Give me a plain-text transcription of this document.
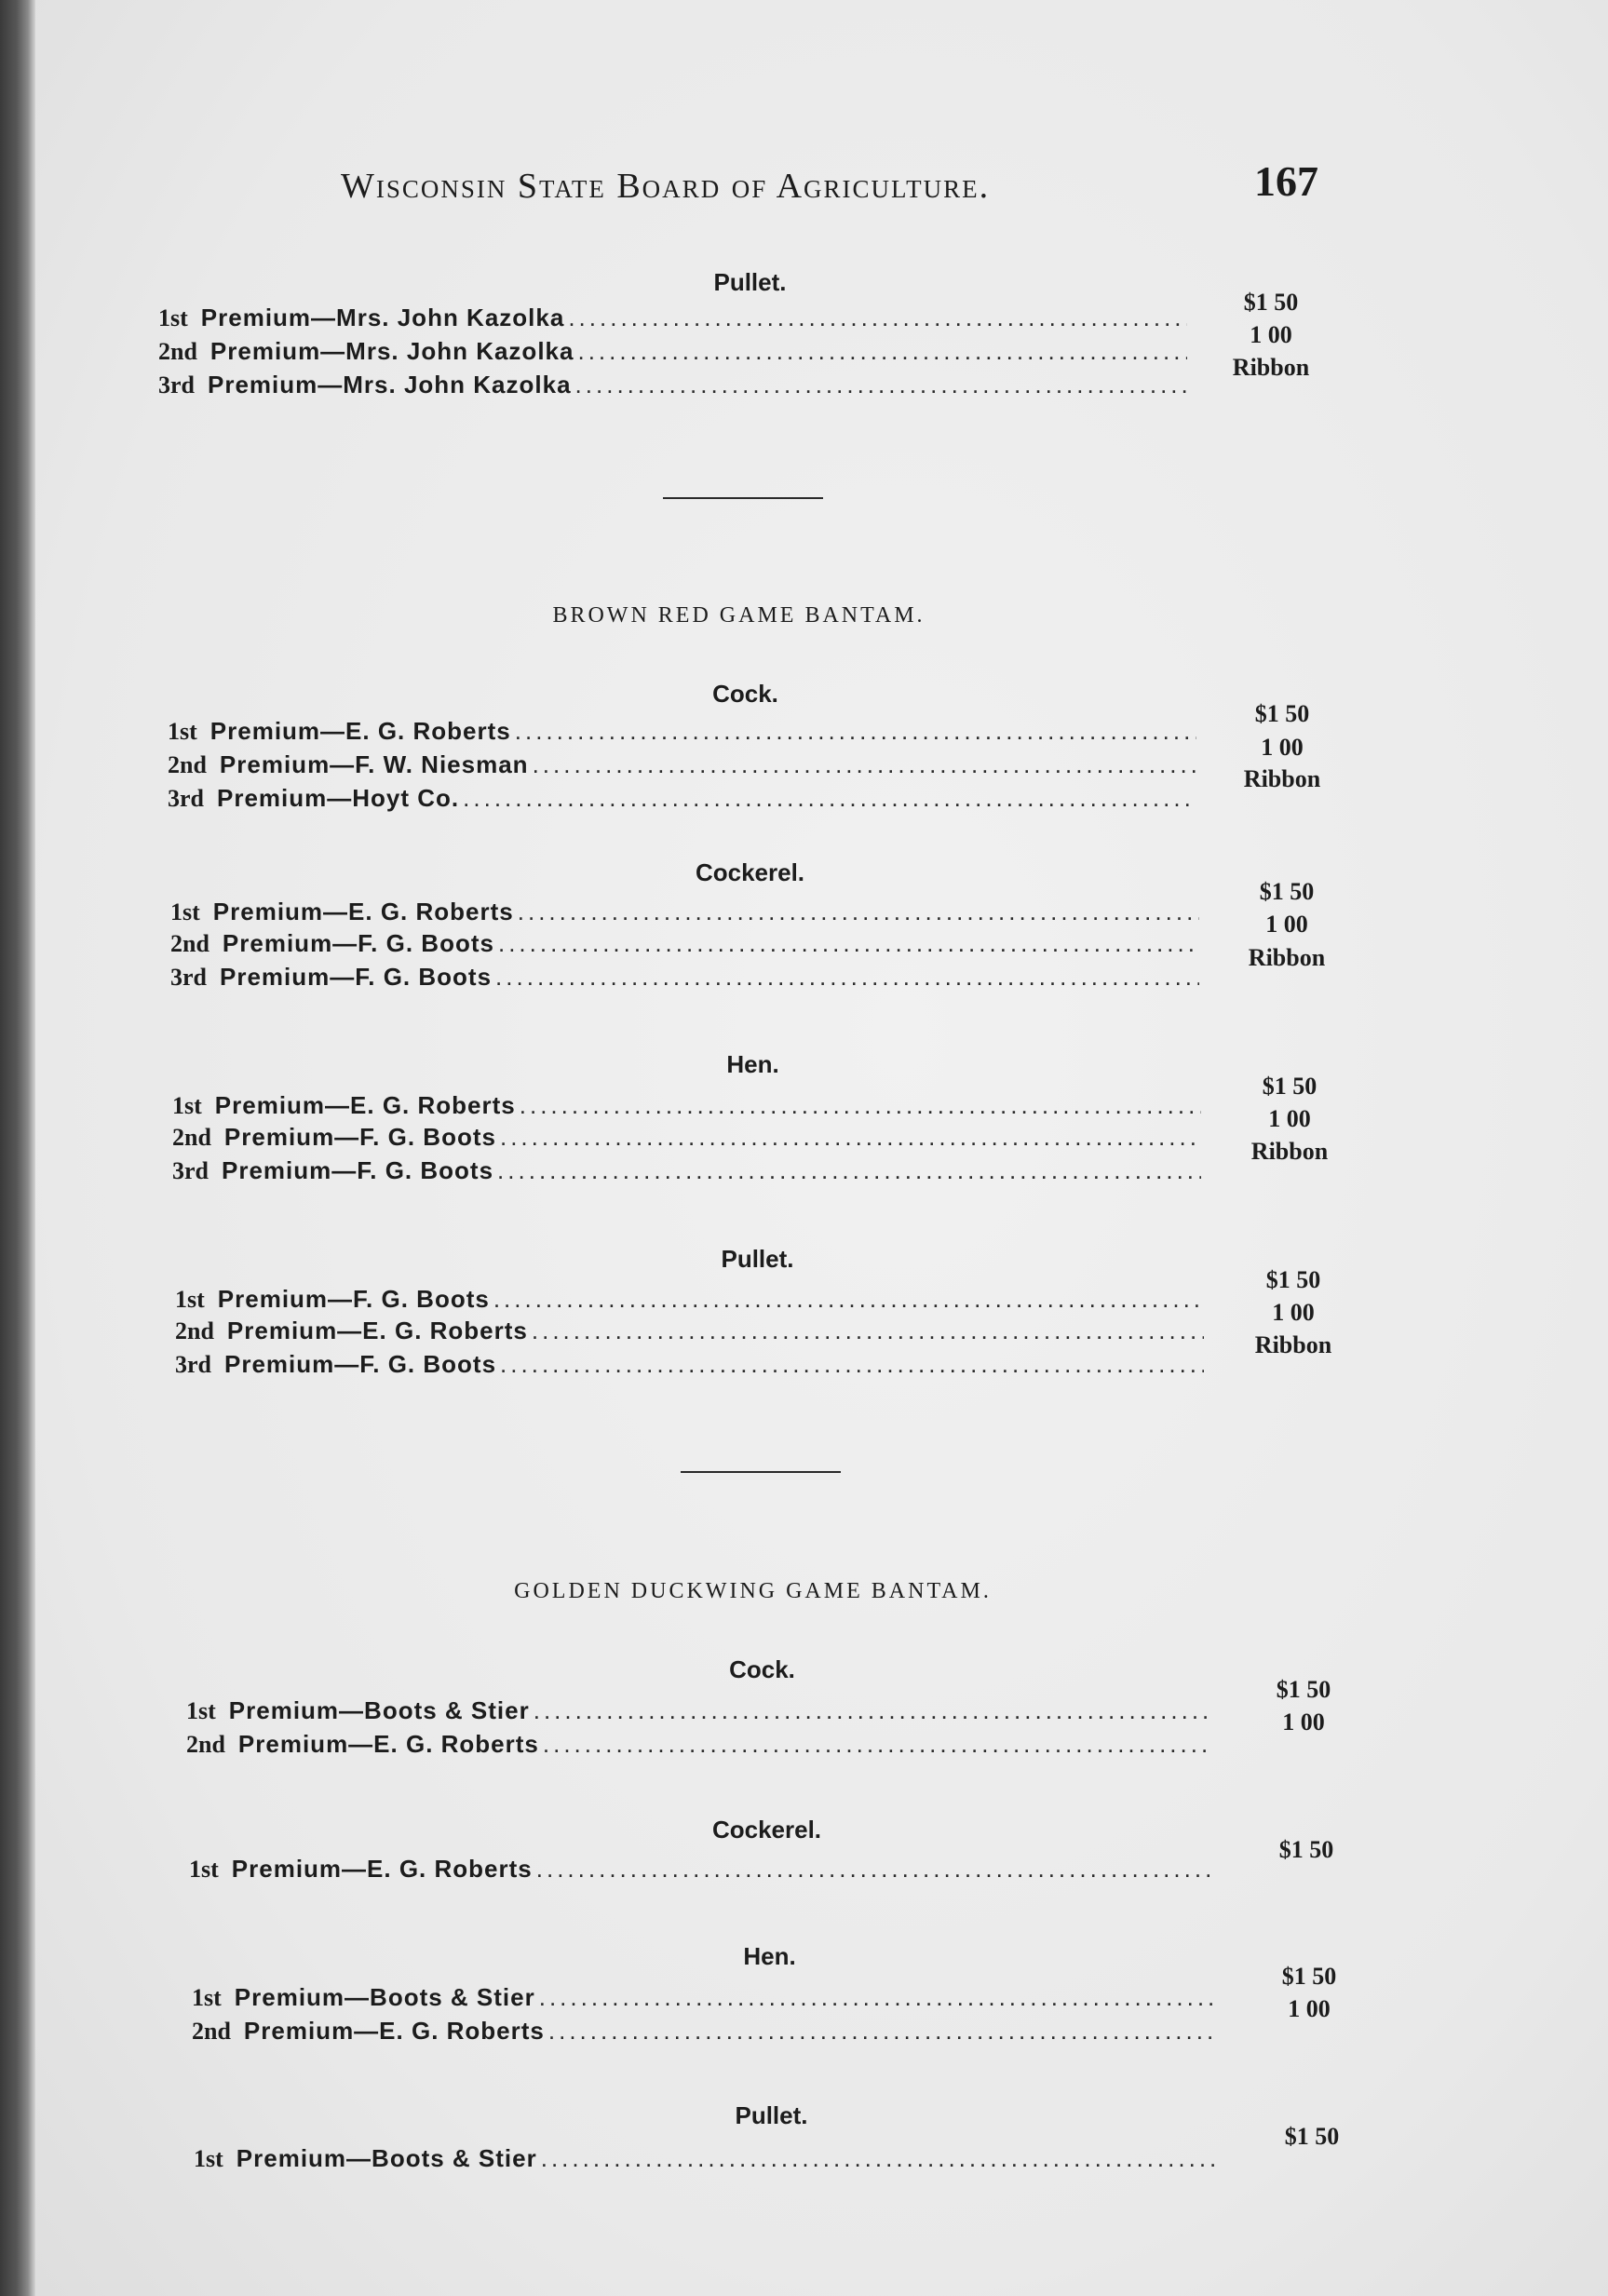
Wisconsin State Board of Agriculture.	167
Pullet.
1st Premium—Mrs. John Kazolka
.....
$1 50
2nd Premium—Mrs. John Kazolka
.....
1 00
3rd Premium—Mrs. John Kazolka
.....
Ribbon
BROWN RED GAME BANTAM.
Cock.
1st Premium—E. G. Roberts
.....
$1 50
2nd Premium—F. W. Niesman
.....
1 00
3rd Premium—Hoyt Co.
.....
Ribbon
Cockerel.
1st Premium—E. G. Roberts
.....
$1 50
2nd Premium—F. G. Boots
.....
1 00
3rd Premium—F. G. Boots
.....
Ribbon
Hen.
1st Premium—E. G. Roberts
.....
$1 50
2nd Premium—F. G. Boots
.....
1 00
3rd Premium—F. G. Boots
.....
Ribbon
Pullet.
1st Premium—F. G. Boots
.....
$1 50
2nd Premium—E. G. Roberts
.....
1 00
3rd Premium—F. G. Boots
.....
Ribbon
GOLDEN DUCKWING GAME BANTAM.
Cock.
1st Premium—Boots & Stier
.....
$1 50
2nd Premium—E. G. Roberts
.....
1 00
Cockerel.
1st Premium—E. G. Roberts
.....
$1 50
Hen.
1st Premium—Boots & Stier
.....
$1 50
2nd Premium—E. G. Roberts
.....
1 00
Pullet.
1st Premium—Boots & Stier
.....
$1 50
